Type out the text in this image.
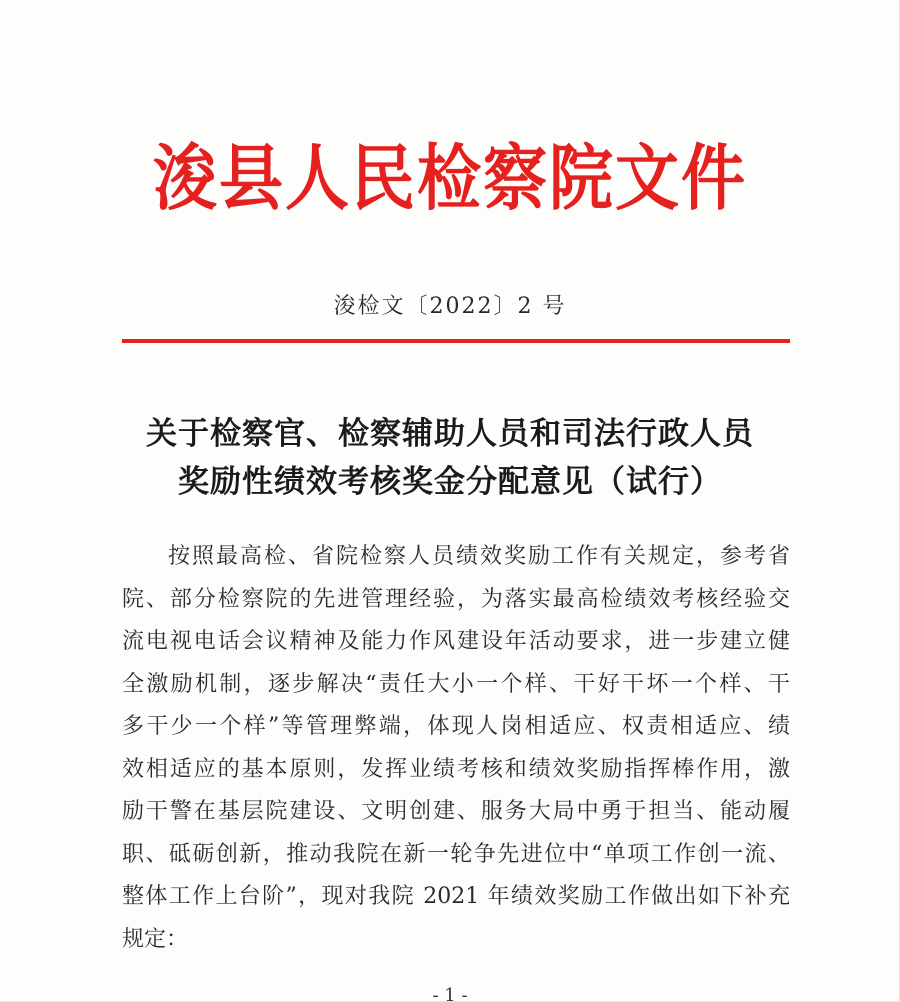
浚县人民检察院文件
浚检文〔2022〕2 号
关于检察官、检察辅助人员和司法行政人员
奖励性绩效考核奖金分配意见（试行）
按照最高检、省院检察人员绩效奖励工作有关规定，参考省
院、部分检察院的先进管理经验，为落实最高检绩效考核经验交
流电视电话会议精神及能力作风建设年活动要求，进一步建立健
全激励机制，逐步解决“责任大小一个样、干好干坏一个样、干
多干少一个样”等管理弊端，体现人岗相适应、权责相适应、绩
效相适应的基本原则，发挥业绩考核和绩效奖励指挥棒作用，激
励干警在基层院建设、文明创建、服务大局中勇于担当、能动履
职、砥砺创新，推动我院在新一轮争先进位中“单项工作创一流、
整体工作上台阶”，现对我院 2021 年绩效奖励工作做出如下补充
规定：
- 1 -
